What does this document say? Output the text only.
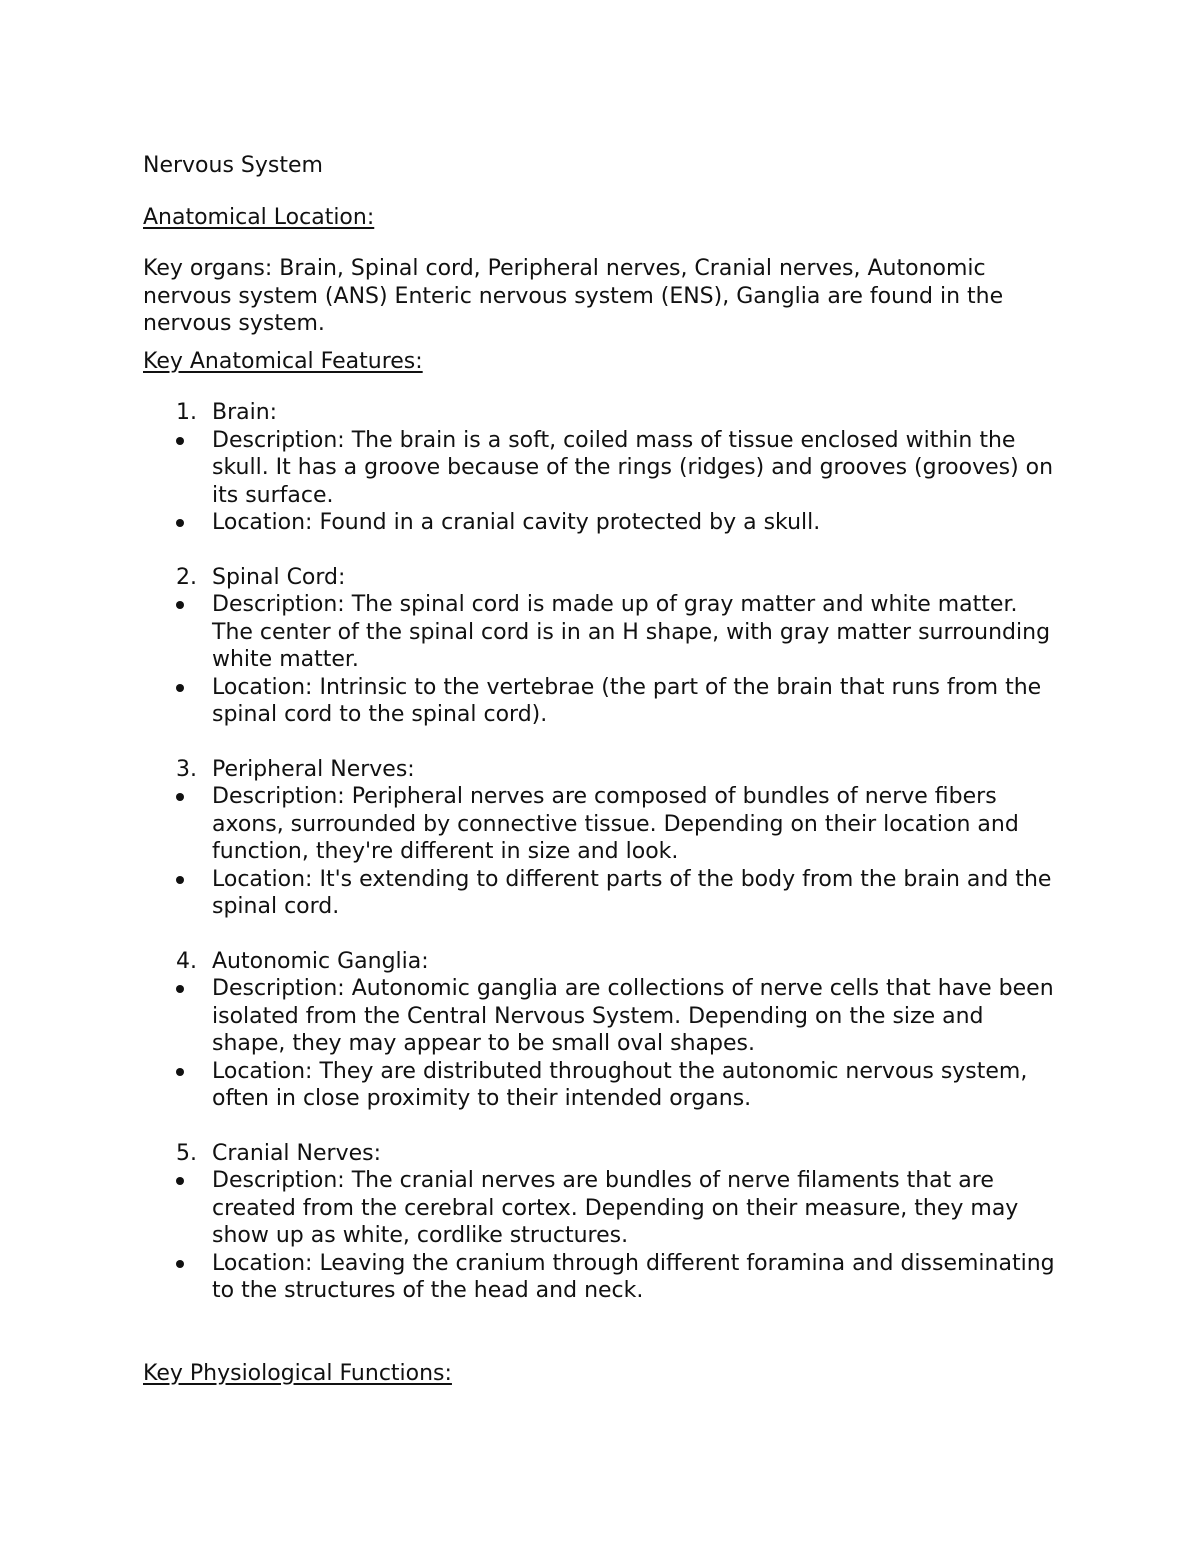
Nervous System

Anatomical Location:

Key organs: Brain, Spinal cord, Peripheral nerves, Cranial nerves, Autonomic nervous system (ANS) Enteric nervous system (ENS), Ganglia are found in the nervous system.

Key Anatomical Features:

1. Brain:
Description: The brain is a soft, coiled mass of tissue enclosed within the skull. It has a groove because of the rings (ridges) and grooves (grooves) on its surface.
Location: Found in a cranial cavity protected by a skull.
2. Spinal Cord:
Description: The spinal cord is made up of gray matter and white matter. The center of the spinal cord is in an H shape, with gray matter surrounding white matter.
Location: Intrinsic to the vertebrae (the part of the brain that runs from the spinal cord to the spinal cord).
3. Peripheral Nerves:
Description: Peripheral nerves are composed of bundles of nerve fibers axons, surrounded by connective tissue. Depending on their location and function, they're different in size and look.
Location: It's extending to different parts of the body from the brain and the spinal cord.
4. Autonomic Ganglia:
Description: Autonomic ganglia are collections of nerve cells that have been isolated from the Central Nervous System. Depending on the size and shape, they may appear to be small oval shapes.
Location: They are distributed throughout the autonomic nervous system, often in close proximity to their intended organs.
5. Cranial Nerves:
Description: The cranial nerves are bundles of nerve filaments that are created from the cerebral cortex. Depending on their measure, they may show up as white, cordlike structures.
Location: Leaving the cranium through different foramina and disseminating to the structures of the head and neck.

Key Physiological Functions:
